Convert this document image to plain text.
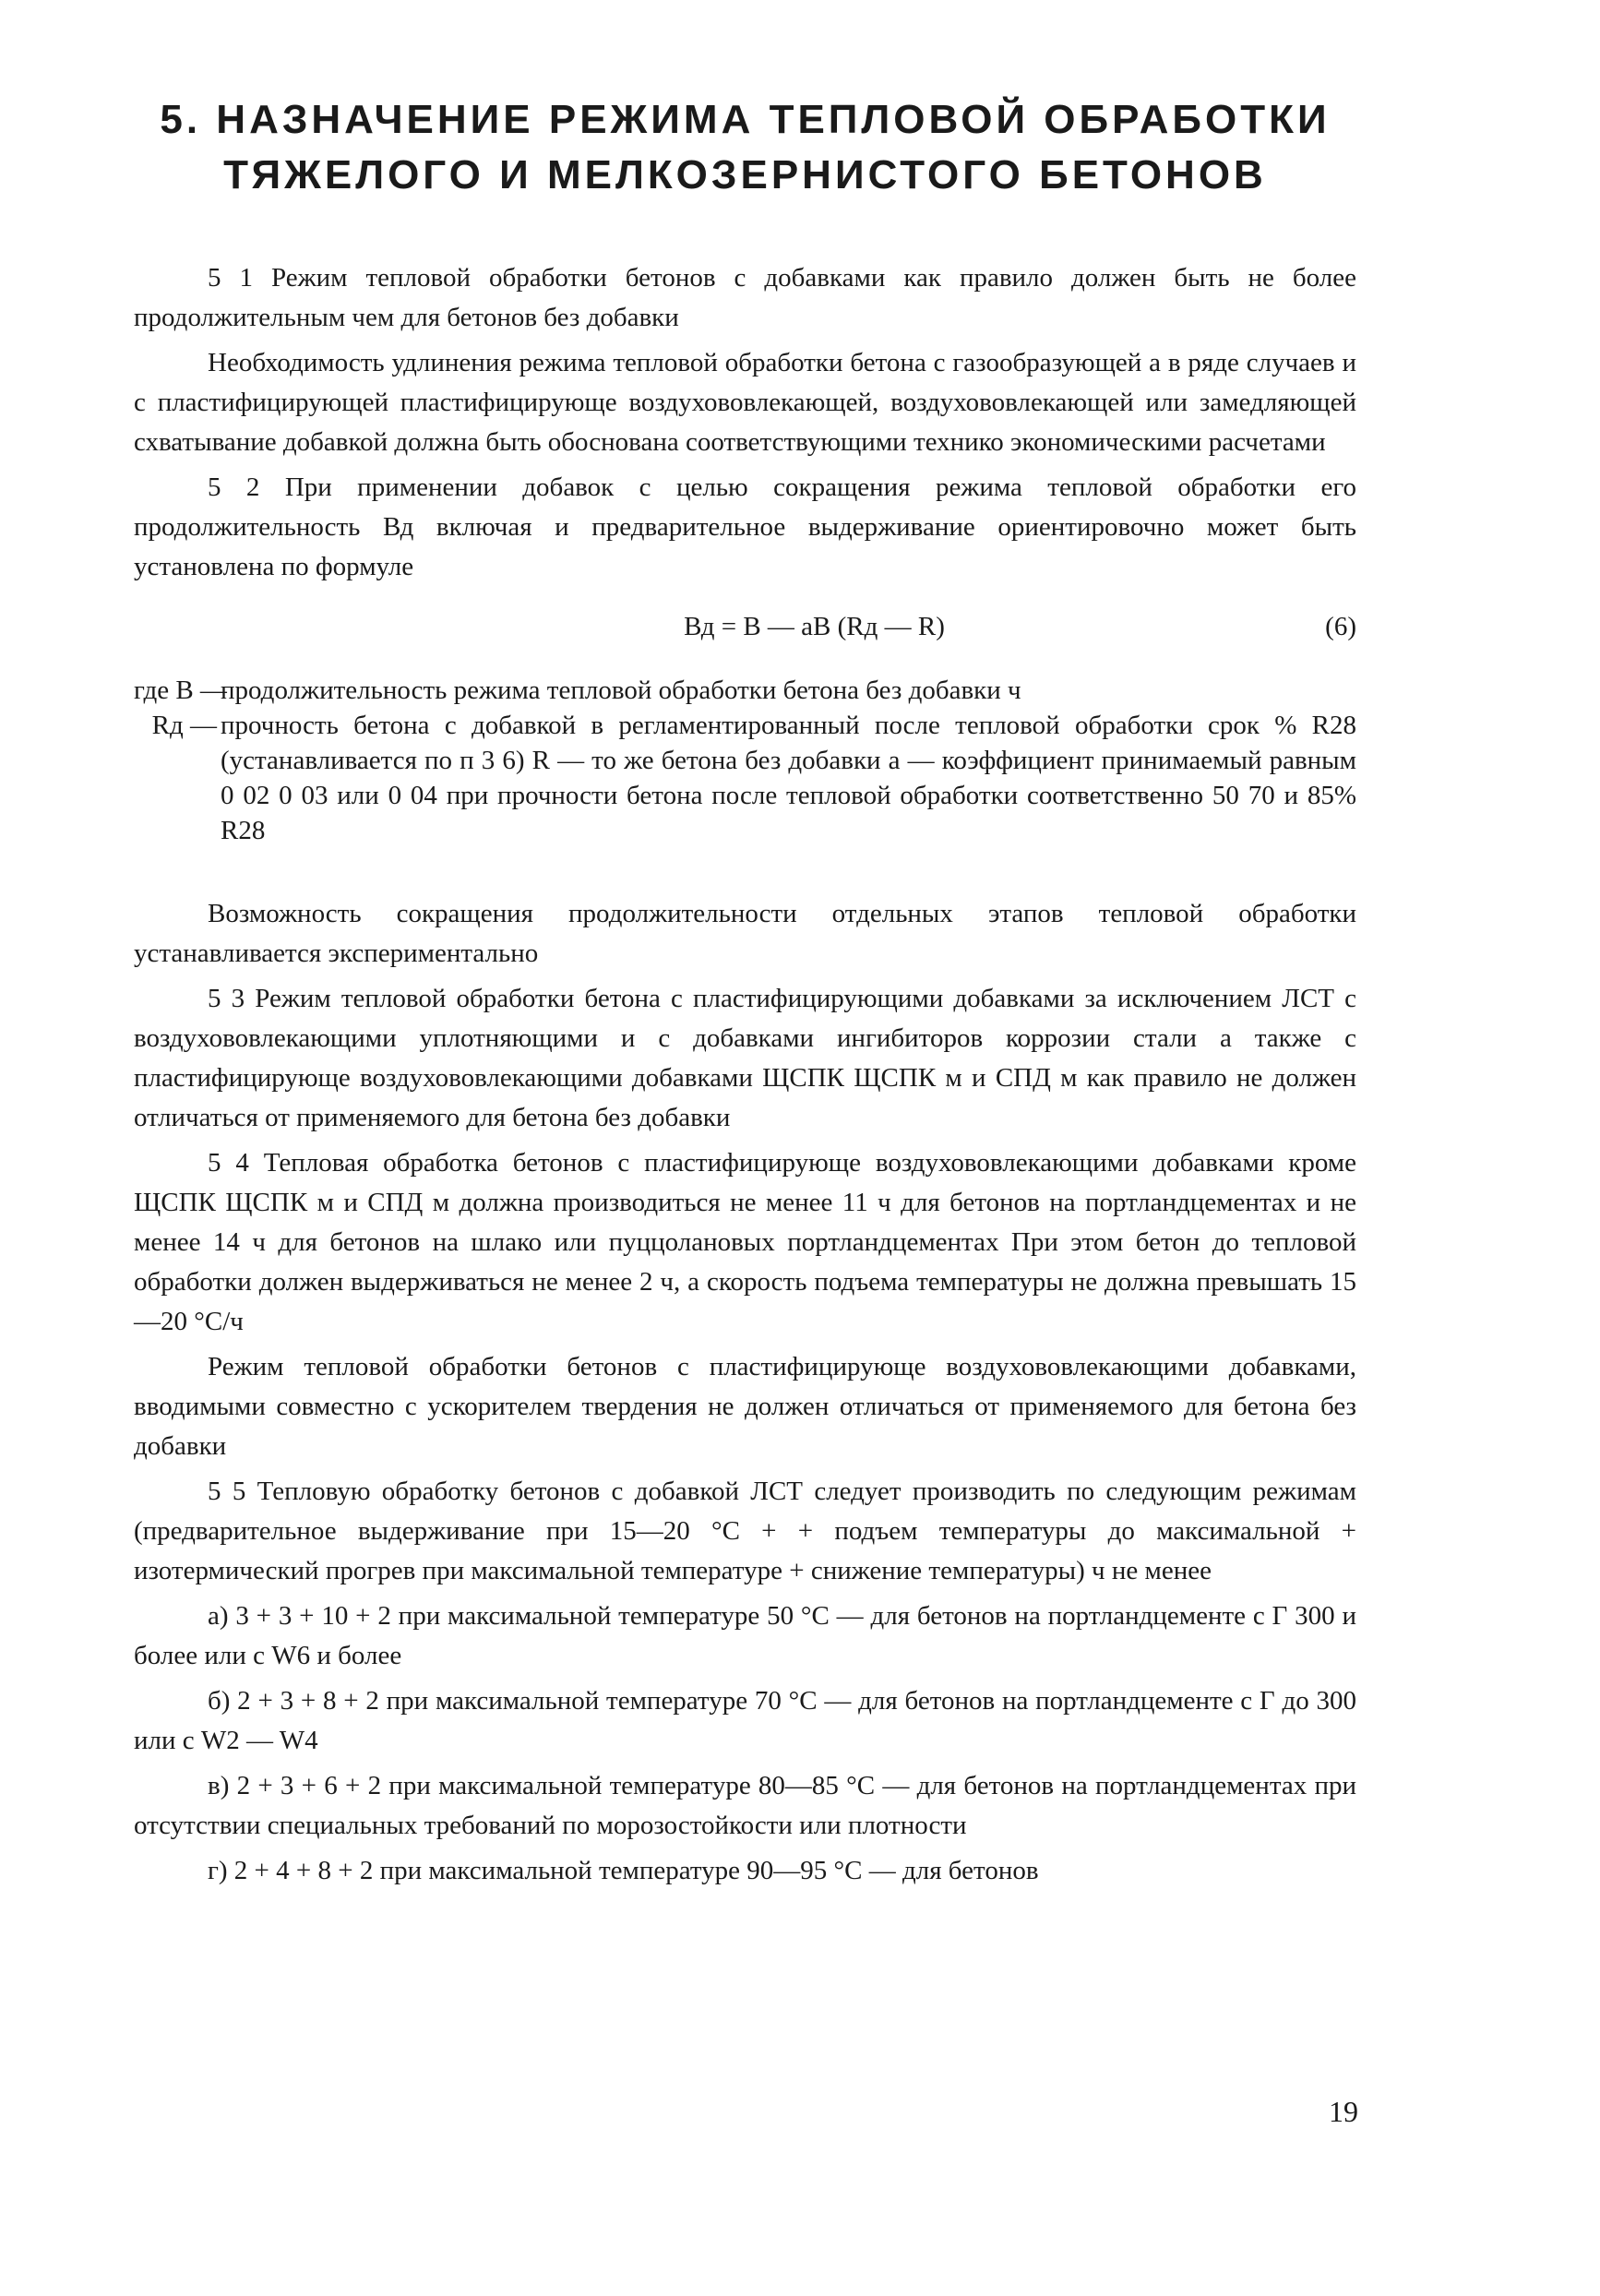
5. НАЗНАЧЕНИЕ РЕЖИМА ТЕПЛОВОЙ ОБРАБОТКИ
ТЯЖЕЛОГО И МЕЛКОЗЕРНИСТОГО БЕТОНОВ

5 1 Режим тепловой обработки бетонов с добавками как правило должен быть не более продолжительным чем для бетонов без добавки

Необходимость удлинения режима тепловой обработки бетона с газообразующей а в ряде случаев и с пластифицирующей пластифицирующе воздухововлекающей, воздухововлекающей или замедляющей схватывание добавкой должна быть обоснована соответствующими технико экономическими расчетами

5 2 При применении добавок с целью сокращения режима тепловой обработки его продолжительность Вд включая и предварительное выдерживание ориентировочно может быть установлена по формуле

Вд = В — аВ (Rд — R)	(6)
где В —
продолжительность режима тепловой обработки бетона без добавки ч
Rд — прочность бетона с добавкой в регламентированный после тепловой обработки срок % R28 (устанавливается по п 3 6) R — то же бетона без добавки а — коэффициент принимаемый равным 0 02 0 03 или 0 04 при прочности бетона после тепловой обработки соответственно 50 70 и 85% R28

Возможность сокращения продолжительности отдельных этапов тепловой обработки устанавливается экспериментально

5 3 Режим тепловой обработки бетона с пластифицирующими добавками за исключением ЛСТ с воздухововлекающими уплотняющими и с добавками ингибиторов коррозии стали а также с пластифицирующе воздухововлекающими добавками ЩСПК ЩСПК м и СПД м как правило не должен отличаться от применяемого для бетона без добавки

5 4 Тепловая обработка бетонов с пластифицирующе воздухововлекающими добавками кроме ЩСПК ЩСПК м и СПД м должна производиться не менее 11 ч для бетонов на портландцементах и не менее 14 ч для бетонов на шлако или пуццолановых портландцементах При этом бетон до тепловой обработки должен выдерживаться не менее 2 ч, а скорость подъема температуры не должна превышать 15—20 °С/ч

Режим тепловой обработки бетонов с пластифицирующе воздухововлекающими добавками, вводимыми совместно с ускорителем твердения не должен отличаться от применяемого для бетона без добавки

5 5 Тепловую обработку бетонов с добавкой ЛСТ следует производить по следующим режимам (предварительное выдерживание при 15—20 °С + + подъем температуры до максимальной + изотермический прогрев при максимальной температуре + снижение температуры) ч не менее

а) 3 + 3 + 10 + 2 при максимальной температуре 50 °С — для бетонов на портландцементе с Г 300 и более или с W6 и более

б) 2 + 3 + 8 + 2 при максимальной температуре 70 °С — для бетонов на портландцементе с Г до 300 или с W2 — W4

в) 2 + 3 + 6 + 2 при максимальной температуре 80—85 °С — для бетонов на портландцементах при отсутствии специальных требований по морозостойкости или плотности

г) 2 + 4 + 8 + 2 при максимальной температуре 90—95 °С — для бетонов

19
